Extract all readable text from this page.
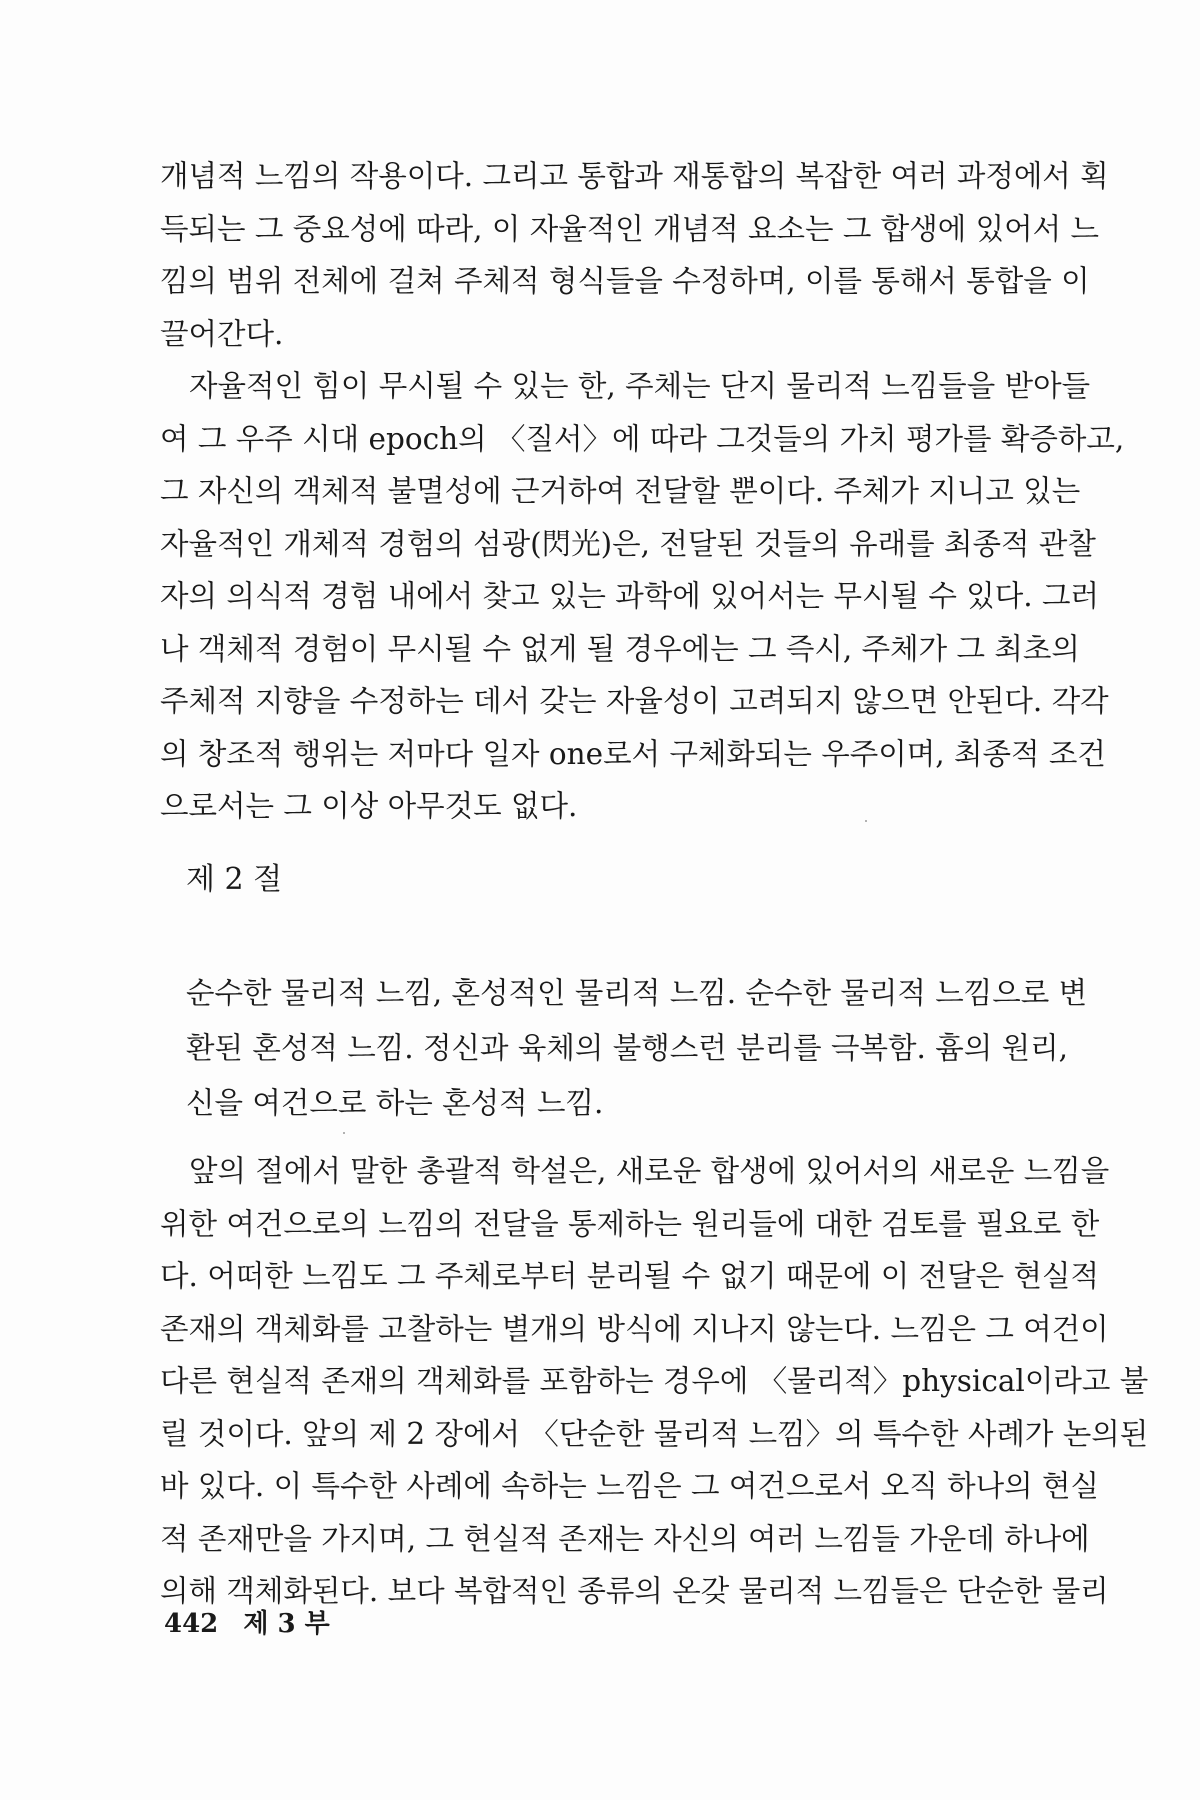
개념적 느낌의 작용이다. 그리고 통합과 재통합의 복잡한 여러 과정에서 획
득되는 그 중요성에 따라, 이 자율적인 개념적 요소는 그 합생에 있어서 느
낌의 범위 전체에 걸쳐 주체적 형식들을 수정하며, 이를 통해서 통합을 이
끌어간다.
자율적인 힘이 무시될 수 있는 한, 주체는 단지 물리적 느낌들을 받아들
여 그 우주 시대 epoch의 〈질서〉에 따라 그것들의 가치 평가를 확증하고,
그 자신의 객체적 불멸성에 근거하여 전달할 뿐이다. 주체가 지니고 있는
자율적인 개체적 경험의 섬광(閃光)은, 전달된 것들의 유래를 최종적 관찰
자의 의식적 경험 내에서 찾고 있는 과학에 있어서는 무시될 수 있다. 그러
나 객체적 경험이 무시될 수 없게 될 경우에는 그 즉시, 주체가 그 최초의
주체적 지향을 수정하는 데서 갖는 자율성이 고려되지 않으면 안된다. 각각
의 창조적 행위는 저마다 일자 one로서 구체화되는 우주이며, 최종적 조건
으로서는 그 이상 아무것도 없다.
제 2 절
순수한 물리적 느낌, 혼성적인 물리적 느낌. 순수한 물리적 느낌으로 변
환된 혼성적 느낌. 정신과 육체의 불행스런 분리를 극복함. 흄의 원리,
신을 여건으로 하는 혼성적 느낌.
앞의 절에서 말한 총괄적 학설은, 새로운 합생에 있어서의 새로운 느낌을
위한 여건으로의 느낌의 전달을 통제하는 원리들에 대한 검토를 필요로 한
다. 어떠한 느낌도 그 주체로부터 분리될 수 없기 때문에 이 전달은 현실적
존재의 객체화를 고찰하는 별개의 방식에 지나지 않는다. 느낌은 그 여건이
다른 현실적 존재의 객체화를 포함하는 경우에 〈물리적〉physical이라고 불
릴 것이다. 앞의 제 2 장에서 〈단순한 물리적 느낌〉의 특수한 사례가 논의된
바 있다. 이 특수한 사례에 속하는 느낌은 그 여건으로서 오직 하나의 현실
적 존재만을 가지며, 그 현실적 존재는 자신의 여러 느낌들 가운데 하나에
의해 객체화된다. 보다 복합적인 종류의 온갖 물리적 느낌들은 단순한 물리
442 제 3 부
